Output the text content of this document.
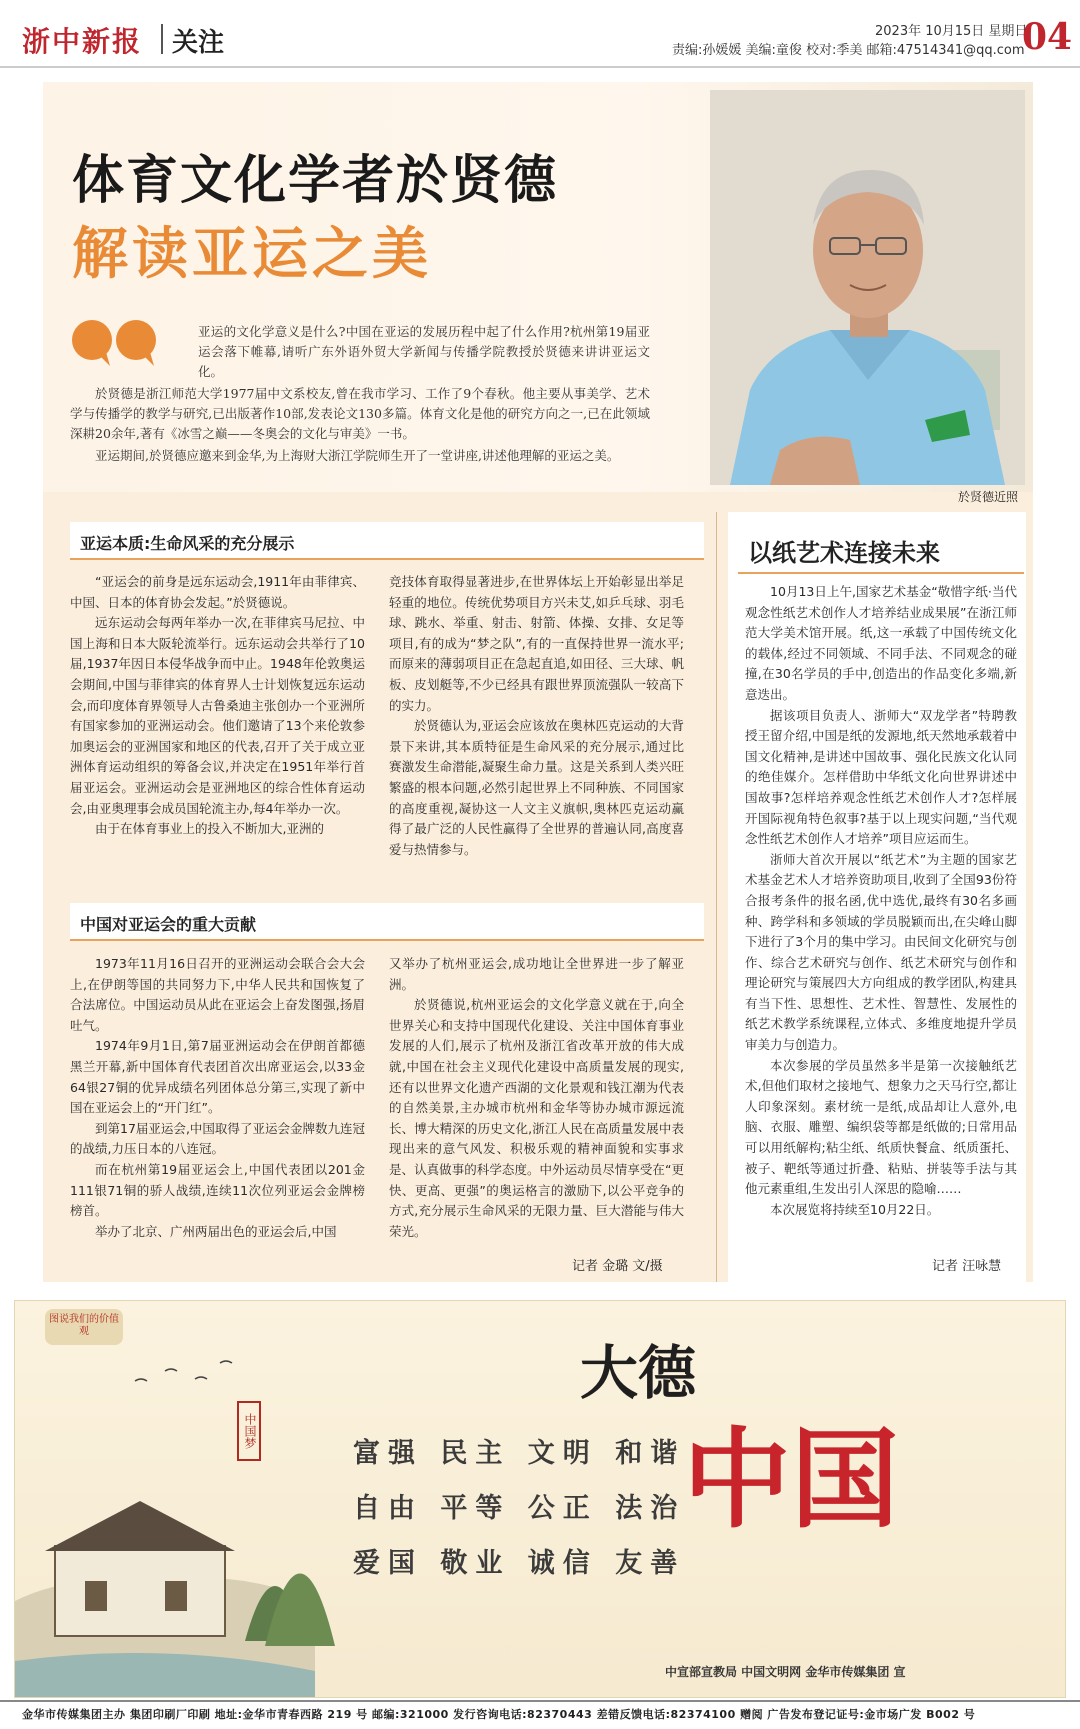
浙中新报 关注	2023年 10月15日 星期日
责编:孙媛媛 美编:童俊 校对:季美 邮箱:47514341@qq.com
04
体育文化学者於贤德
解读亚运之美
於贤德近照

亚运的文化学意义是什么?中国在亚运的发展历程中起了什么作用?杭州第19届亚运会落下帷幕,请听广东外语外贸大学新闻与传播学院教授於贤德来讲讲亚运文化。

於贤德是浙江师范大学1977届中文系校友,曾在我市学习、工作了9个春秋。他主要从事美学、艺术学与传播学的教学与研究,已出版著作10部,发表论文130多篇。体育文化是他的研究方向之一,已在此领域深耕20余年,著有《冰雪之巅——冬奥会的文化与审美》一书。

亚运期间,於贤德应邀来到金华,为上海财大浙江学院师生开了一堂讲座,讲述他理解的亚运之美。

亚运本质:生命风采的充分展示

“亚运会的前身是远东运动会,1911年由菲律宾、中国、日本的体育协会发起。”於贤德说。

远东运动会每两年举办一次,在菲律宾马尼拉、中国上海和日本大阪轮流举行。远东运动会共举行了10届,1937年因日本侵华战争而中止。1948年伦敦奥运会期间,中国与菲律宾的体育界人士计划恢复远东运动会,而印度体育界领导人古鲁桑迪主张创办一个亚洲所有国家参加的亚洲运动会。他们邀请了13个来伦敦参加奥运会的亚洲国家和地区的代表,召开了关于成立亚洲体育运动组织的筹备会议,并决定在1951年举行首届亚运会。亚洲运动会是亚洲地区的综合性体育运动会,由亚奥理事会成员国轮流主办,每4年举办一次。

由于在体育事业上的投入不断加大,亚洲的

竞技体育取得显著进步,在世界体坛上开始彰显出举足轻重的地位。传统优势项目方兴未艾,如乒乓球、羽毛球、跳水、举重、射击、射箭、体操、女排、女足等项目,有的成为“梦之队”,有的一直保持世界一流水平;而原来的薄弱项目正在急起直追,如田径、三大球、帆板、皮划艇等,不少已经具有跟世界顶流强队一较高下的实力。

於贤德认为,亚运会应该放在奥林匹克运动的大背景下来讲,其本质特征是生命风采的充分展示,通过比赛激发生命潜能,凝聚生命力量。这是关系到人类兴旺繁盛的根本问题,必然引起世界上不同种族、不同国家的高度重视,凝协这一人文主义旗帜,奥林匹克运动赢得了最广泛的人民性赢得了全世界的普遍认同,高度喜爱与热情参与。

中国对亚运会的重大贡献

1973年11月16日召开的亚洲运动会联合会大会上,在伊朗等国的共同努力下,中华人民共和国恢复了合法席位。中国运动员从此在亚运会上奋发图强,扬眉吐气。

1974年9月1日,第7届亚洲运动会在伊朗首都德黑兰开幕,新中国体育代表团首次出席亚运会,以33金64银27铜的优异成绩名列团体总分第三,实现了新中国在亚运会上的“开门红”。

到第17届亚运会,中国取得了亚运会金牌数九连冠的战绩,力压日本的八连冠。

而在杭州第19届亚运会上,中国代表团以201金111银71铜的骄人战绩,连续11次位列亚运会金牌榜榜首。

举办了北京、广州两届出色的亚运会后,中国

又举办了杭州亚运会,成功地让全世界进一步了解亚洲。

於贤德说,杭州亚运会的文化学意义就在于,向全世界关心和支持中国现代化建设、关注中国体育事业发展的人们,展示了杭州及浙江省改革开放的伟大成就,中国在社会主义现代化建设中高质量发展的现实,还有以世界文化遗产西湖的文化景观和钱江潮为代表的自然美景,主办城市杭州和金华等协办城市源远流长、博大精深的历史文化,浙江人民在高质量发展中表现出来的意气风发、积极乐观的精神面貌和实事求是、认真做事的科学态度。中外运动员尽情享受在“更快、更高、更强”的奥运格言的激励下,以公平竞争的方式,充分展示生命风采的无限力量、巨大潜能与伟大荣光。

记者 金璐 文/摄
以纸艺术连接未来

10月13日上午,国家艺术基金“敬惜字纸·当代观念性纸艺术创作人才培养结业成果展”在浙江师范大学美术馆开展。纸,这一承载了中国传统文化的载体,经过不同领域、不同手法、不同观念的碰撞,在30名学员的手中,创造出的作品变化多端,新意迭出。

据该项目负责人、浙师大“双龙学者”特聘教授王留介绍,中国是纸的发源地,纸天然地承载着中国文化精神,是讲述中国故事、强化民族文化认同的绝佳媒介。怎样借助中华纸文化向世界讲述中国故事?怎样培养观念性纸艺术创作人才?怎样展开国际视角特色叙事?基于以上现实问题,“当代观念性纸艺术创作人才培养”项目应运而生。

浙师大首次开展以“纸艺术”为主题的国家艺术基金艺术人才培养资助项目,收到了全国93份符合报考条件的报名函,优中选优,最终有30名多画种、跨学科和多领域的学员脱颖而出,在尖峰山脚下进行了3个月的集中学习。由民间文化研究与创作、综合艺术研究与创作、纸艺术研究与创作和理论研究与策展四大方向组成的教学团队,构建具有当下性、思想性、艺术性、智慧性、发展性的纸艺术教学系统课程,立体式、多维度地提升学员审美力与创造力。

本次参展的学员虽然多半是第一次接触纸艺术,但他们取材之接地气、想象力之天马行空,都让人印象深刻。素材统一是纸,成品却让人意外,电脑、衣服、雕塑、编织袋等都是纸做的;日常用品可以用纸解构;粘尘纸、纸质快餐盒、纸质蛋托、被子、靶纸等通过折叠、粘贴、拼装等手法与其他元素重组,生发出引人深思的隐喻……

本次展览将持续至10月22日。

记者 汪咏慧
图说我们的价值观
中国梦
大德
中国
富强 民主 文明 和谐
自由 平等 公正 法治
爱国 敬业 诚信 友善
中宣部宣教局 中国文明网 金华市传媒集团 宣
金华市传媒集团主办 集团印刷厂印刷 地址:金华市青春西路 219 号 邮编:321000 发行咨询电话:82370443 差错反馈电话:82374100 赠阅 广告发布登记证号:金市场广发 B002 号
